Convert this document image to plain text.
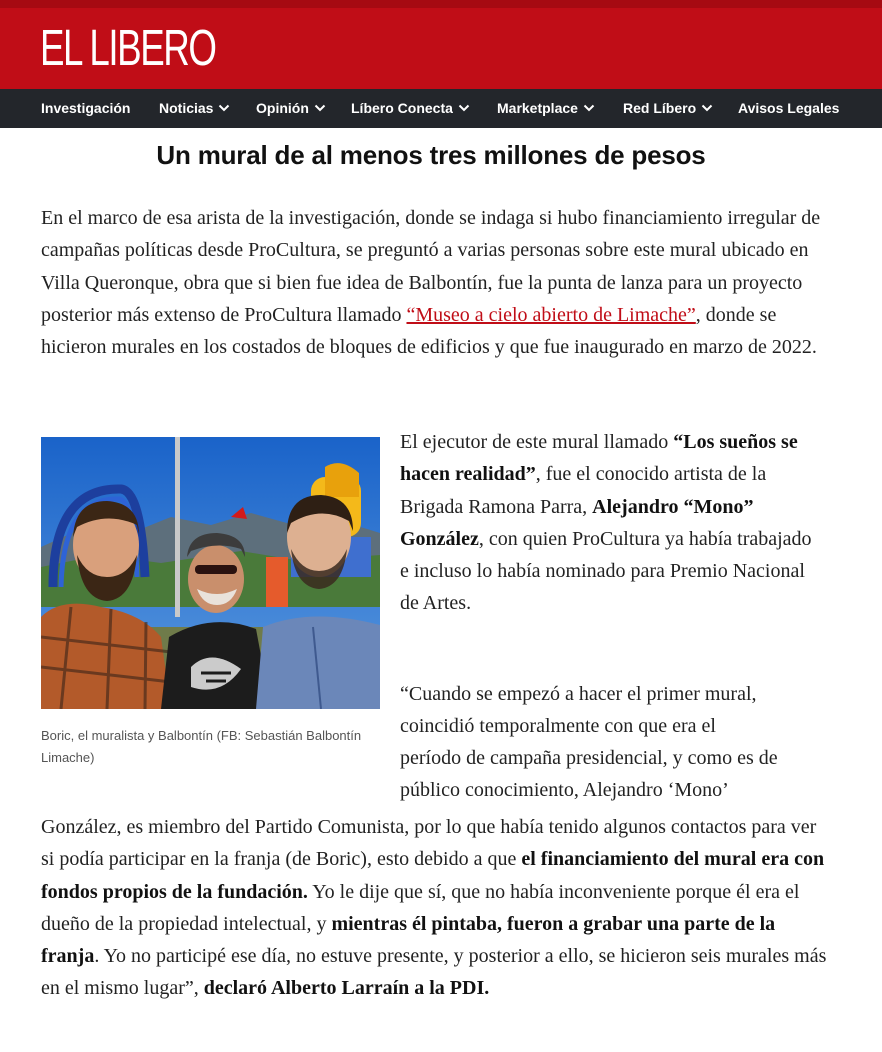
EL LIBERO
Investigación Noticias	Opinión	Líbero Conecta	Marketplace	Red Líbero	Avisos Legales
Un mural de al menos tres millones de pesos

En el marco de esa arista de la investigación, donde se indaga si hubo financiamiento irregular de campañas políticas desde ProCultura, se preguntó a varias personas sobre este mural ubicado en Villa Queronque, obra que si bien fue idea de Balbontín, fue la punta de lanza para un proyecto posterior más extenso de ProCultura llamado “Museo a cielo abierto de Limache”, donde se hicieron murales en los costados de bloques de edificios y que fue inaugurado en marzo de 2022.

Boric, el muralista y Balbontín (FB: Sebastián Balbontín Limache)

El ejecutor de este mural llamado “Los sueños se hacen realidad”, fue el conocido artista de la Brigada Ramona Parra, Alejandro “Mono” González, con quien ProCultura ya había trabajado e incluso lo había nominado para Premio Nacional de Artes.

“Cuando se empezó a hacer el primer mural,
coincidió temporalmente con que era el
período de campaña presidencial, y como es de
público conocimiento, Alejandro ‘Mono’

González, es miembro del Partido Comunista, por lo que había tenido algunos contactos para ver si podía participar en la franja (de Boric), esto debido a que el financiamiento del mural era con fondos propios de la fundación. Yo le dije que sí, que no había inconveniente porque él era el dueño de la propiedad intelectual, y mientras él pintaba, fueron a grabar una parte de la franja. Yo no participé ese día, no estuve presente, y posterior a ello, se hicieron seis murales más en el mismo lugar”, declaró Alberto Larraín a la PDI.
